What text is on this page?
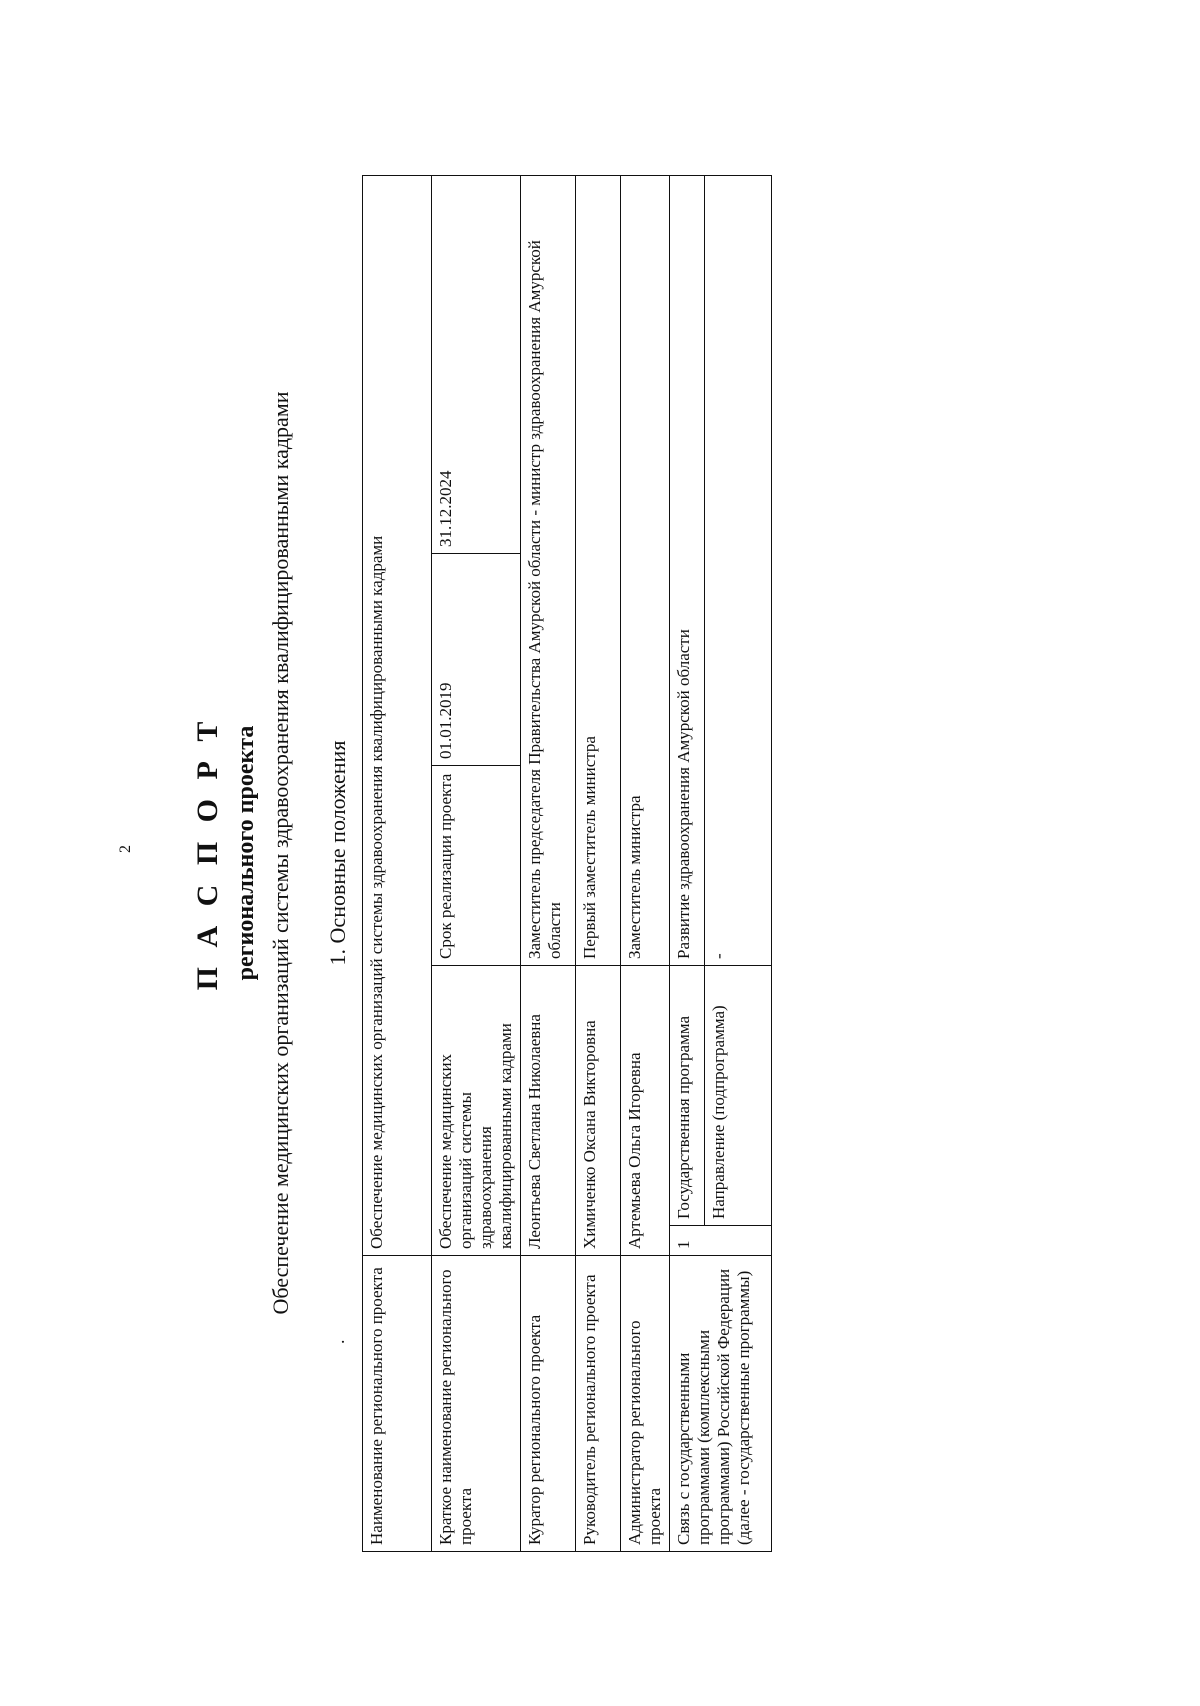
2 П А С П О Р Т регионального проекта Обеспечение медицинских организаций системы здравоохранения квалифицированными кадрами
.
1. Основные положения
Наименование регионального проекта	Обеспечение медицинских организаций системы здравоохранения квалифицированными кадрами				
Краткое наименование регионального проекта	Обеспечение медицинских организаций системы здравоохранения квалифицированными кадрами		Срок реализации проекта	01.01.2019	31.12.2024
Куратор регионального проекта	Леонтьева Светлана Николаевна		Заместитель председателя Правительства Амурской области - министр здравоохранения Амурской области		
Руководитель регионального проекта	Химиченко Оксана Викторовна		Первый заместитель министра		
Администратор регионального проекта	Артемьева Ольга Игоревна		Заместитель министра		
Связь с государственными программами (комплексными программами) Российской Федерации (далее - государственные программы)	1	Государственная программа	Развитие здравоохранения Амурской области		
		Направление (подпрограмма)	-		
